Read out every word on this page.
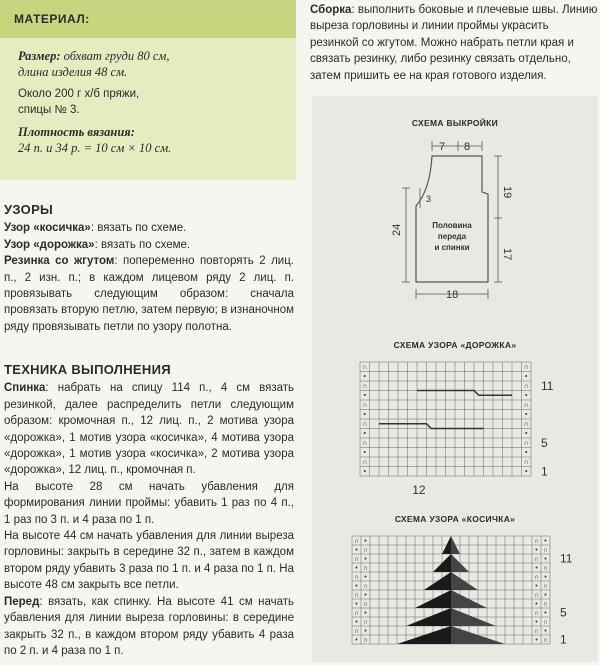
МАТЕРИАЛ:

Размер: обхват груди 80 см,
длина изделия 48 см.

Около 200 г х/б пряжи,
спицы № 3.

Плотность вязания:
24 п. и 34 р. = 10 см × 10 см.

УЗОРЫ

Узор «косичка»: вязать по схеме.

Узор «дорожка»: вязать по схеме.

Резинка со жгутом: попеременно повторять 2 лиц. п., 2 изн. п.; в каждом лицевом ряду 2 лиц. п. провязывать следующим образом: сначала провязать вторую петлю, затем первую; в изнаночном ряду провязывать петли по узору полотна.

ТЕХНИКА ВЫПОЛНЕНИЯ

Спинка: набрать на спицу 114 п., 4 см вязать резинкой, далее распределить петли следующим образом: кромочная п., 12 лиц. п., 2 мотива узора «дорожка», 1 мотив узора «косичка», 4 мотива узора «дорожка», 1 мотив узора «косичка», 2 мотива узора «дорожка», 12 лиц. п., кромочная п.

На высоте 28 см начать убавления для формирования линии проймы: убавить 1 раз по 4 п., 1 раз по 3 п. и 4 раза по 1 п.

На высоте 44 см начать убавления для линии выреза горловины: закрыть в середине 32 п., затем в каждом втором ряду убавить 3 раза по 1 п. и 4 раза по 1 п. На высоте 48 см закрыть все петли.

Перед: вязать, как спинку. На высоте 41 см начать убавления для линии выреза горловины: в середине закрыть 32 п., в каждом втором ряду убавить 4 раза по 2 п. и 4 раза по 1 п.

Сборка: выполнить боковые и плечевые швы. Линию выреза горловины и линии проймы украсить резинкой со жгутом. Можно набрать петли края и связать резинку, либо резинку связать отдельно, затем пришить ее на края готового изделия.

СХЕМА ВЫКРОЙКИ
7 8
3
24
19
17
18
Половина
переда
и спинки
СХЕМА УЗОРА «ДОРОЖКА»
∩	∩
•	•
∩	∩
•	•
∩	∩
•	•
∩	∩
•	•
∩	∩
•	•
∩	∩
•	•
11
5
1
12
СХЕМА УЗОРА «КОСИЧКА»
∩ •	∩ •
• ∩	• ∩
∩ •	∩ •
• ∩	• ∩
∩ •	∩ •
• ∩	• ∩
∩ •	∩ •
• ∩	• ∩
∩ •	∩ •
• ∩	• ∩
∩ •	∩ •
• ∩	• ∩
11
5
1
